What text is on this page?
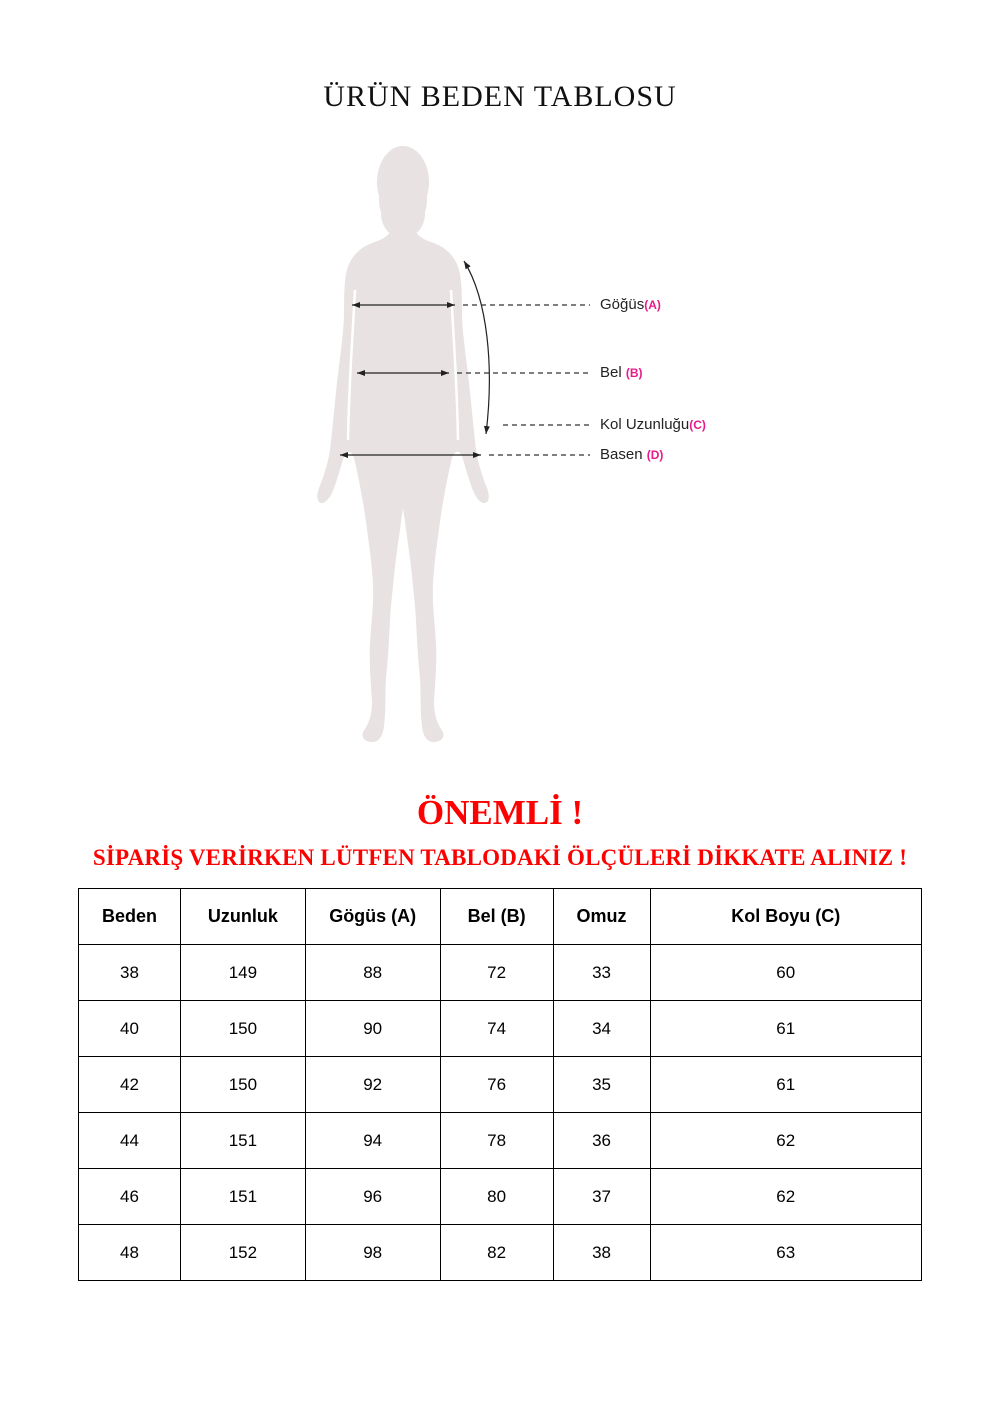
ÜRÜN BEDEN TABLOSU
Göğüs(A)
Bel (B)
Kol Uzunluğu(C)
Basen (D)
ÖNEMLİ !
SİPARİŞ VERİRKEN LÜTFEN TABLODAKİ ÖLÇÜLERİ DİKKATE ALINIZ !
Beden	Uzunluk	Gögüs (A)	Bel (B)	Omuz	Kol Boyu (C)
38	149	88	72	33	60
40	150	90	74	34	61
42	150	92	76	35	61
44	151	94	78	36	62
46	151	96	80	37	62
48	152	98	82	38	63
